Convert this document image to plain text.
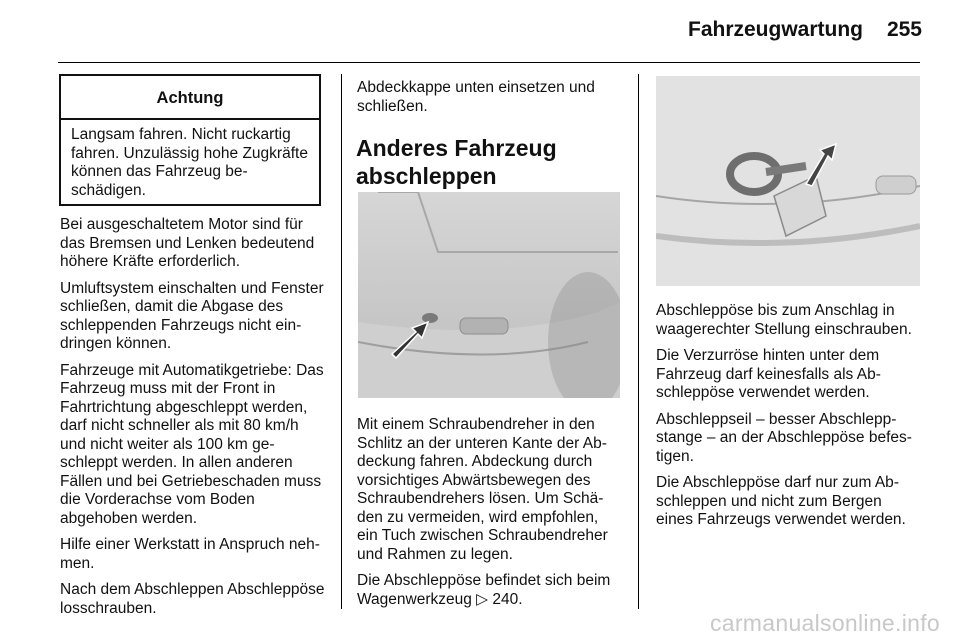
Fahrzeugwartung	255
Achtung
Langsam fahren. Nicht ruckartig fahren. Unzulässig hohe Zugkräfte können das Fahrzeug beschädigen.

Bei ausgeschaltetem Motor sind für das Bremsen und Lenken bedeutend höhere Kräfte erforderlich.

Umluftsystem einschalten und Fenster schließen, damit die Abgase des schleppenden Fahrzeugs nicht eindringen können.

Fahrzeuge mit Automatikgetriebe: Das Fahrzeug muss mit der Front in Fahrtrichtung abgeschleppt werden, darf nicht schneller als mit 80 km/h und nicht weiter als 100 km geschleppt werden. In allen anderen Fällen und bei Getriebeschaden muss die Vorderachse vom Boden abgehoben werden.

Hilfe einer Werkstatt in Anspruch nehmen.

Nach dem Abschleppen Abschleppöse losschrauben.

Abdeckkappe unten einsetzen und schließen.

Anderes Fahrzeug abschleppen

Mit einem Schraubendreher in den Schlitz an der unteren Kante der Abdeckung fahren. Abdeckung durch vorsichtiges Abwärtsbewegen des Schraubendrehers lösen. Um Schäden zu vermeiden, wird empfohlen, ein Tuch zwischen Schraubendreher und Rahmen zu legen.

Die Abschleppöse befindet sich beim Wagenwerkzeug ▷ 240.

Abschleppöse bis zum Anschlag in waagerechter Stellung einschrauben.

Die Verzurröse hinten unter dem Fahrzeug darf keinesfalls als Abschleppöse verwendet werden.

Abschleppseil – besser Abschleppstange – an der Abschleppöse befestigen.

Die Abschleppöse darf nur zum Abschleppen und nicht zum Bergen eines Fahrzeugs verwendet werden.

carmanualsonline.info
